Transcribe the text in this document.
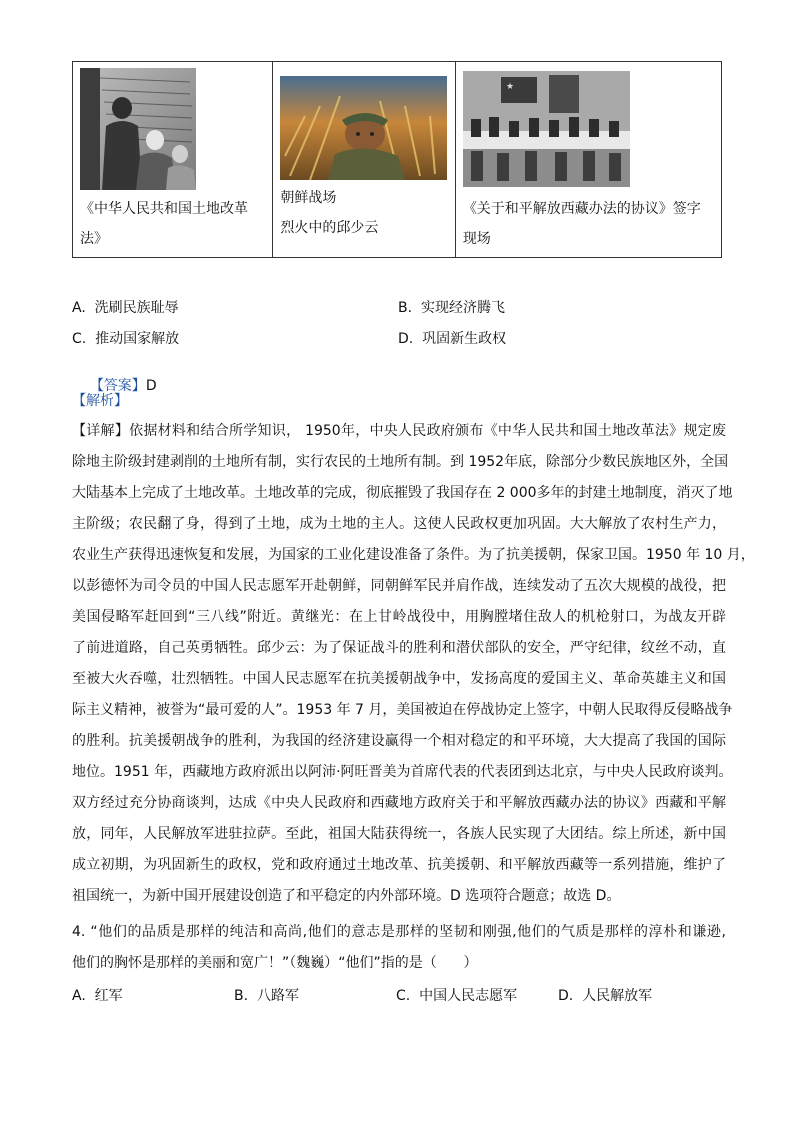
《中华人民共和国土地改革
法》
朝鲜战场
烈火中的邱少云
★
《关于和平解放西藏办法的协议》签字
现场
A.  洗刷民族耻辱	B.  实现经济腾飞
C.  推动国家解放	D.  巩固新生政权

【答案】D

【解析】
【详解】依据材料和结合所学知识， 1950年，中央人民政府颁布《中华人民共和国土地改革法》规定废
除地主阶级封建剥削的土地所有制，实行农民的土地所有制。到 1952年底，除部分少数民族地区外，全国
大陆基本上完成了土地改革。土地改革的完成，彻底摧毁了我国存在 2 000多年的封建土地制度，消灭了地
主阶级；农民翻了身，得到了土地，成为土地的主人。这使人民政权更加巩固。大大解放了农村生产力，
农业生产获得迅速恢复和发展，为国家的工业化建设准备了条件。为了抗美援朝，保家卫国。1950 年 10 月，
以彭德怀为司令员的中国人民志愿军开赴朝鲜，同朝鲜军民并肩作战，连续发动了五次大规模的战役，把
美国侵略军赶回到“三八线”附近。黄继光：在上甘岭战役中，用胸膛堵住敌人的机枪射口，为战友开辟
了前进道路，自己英勇牺牲。邱少云：为了保证战斗的胜利和潜伏部队的安全，严守纪律，纹丝不动，直
至被大火吞噬，壮烈牺牲。中国人民志愿军在抗美援朝战争中，发扬高度的爱国主义、革命英雄主义和国
际主义精神，被誉为“最可爱的人”。1953 年 7 月，美国被迫在停战协定上签字，中朝人民取得反侵略战争
的胜利。抗美援朝战争的胜利，为我国的经济建设赢得一个相对稳定的和平环境，大大提高了我国的国际
地位。1951 年，西藏地方政府派出以阿沛·阿旺晋美为首席代表的代表团到达北京，与中央人民政府谈判。
双方经过充分协商谈判，达成《中央人民政府和西藏地方政府关于和平解放西藏办法的协议》西藏和平解
放，同年，人民解放军进驻拉萨。至此，祖国大陆获得统一，各族人民实现了大团结。综上所述，新中国
成立初期，为巩固新生的政权，党和政府通过土地改革、抗美援朝、和平解放西藏等一系列措施，维护了
祖国统一，为新中国开展建设创造了和平稳定的内外部环境。D 选项符合题意；故选 D。
4. “他们的品质是那样的纯洁和高尚,他们的意志是那样的坚韧和刚强,他们的气质是那样的淳朴和谦逊,
他们的胸怀是那样的美丽和宽广！”（魏巍）“他们”指的是（      ）
A.  红军	B.  八路军	C.  中国人民志愿军	D.  人民解放军
